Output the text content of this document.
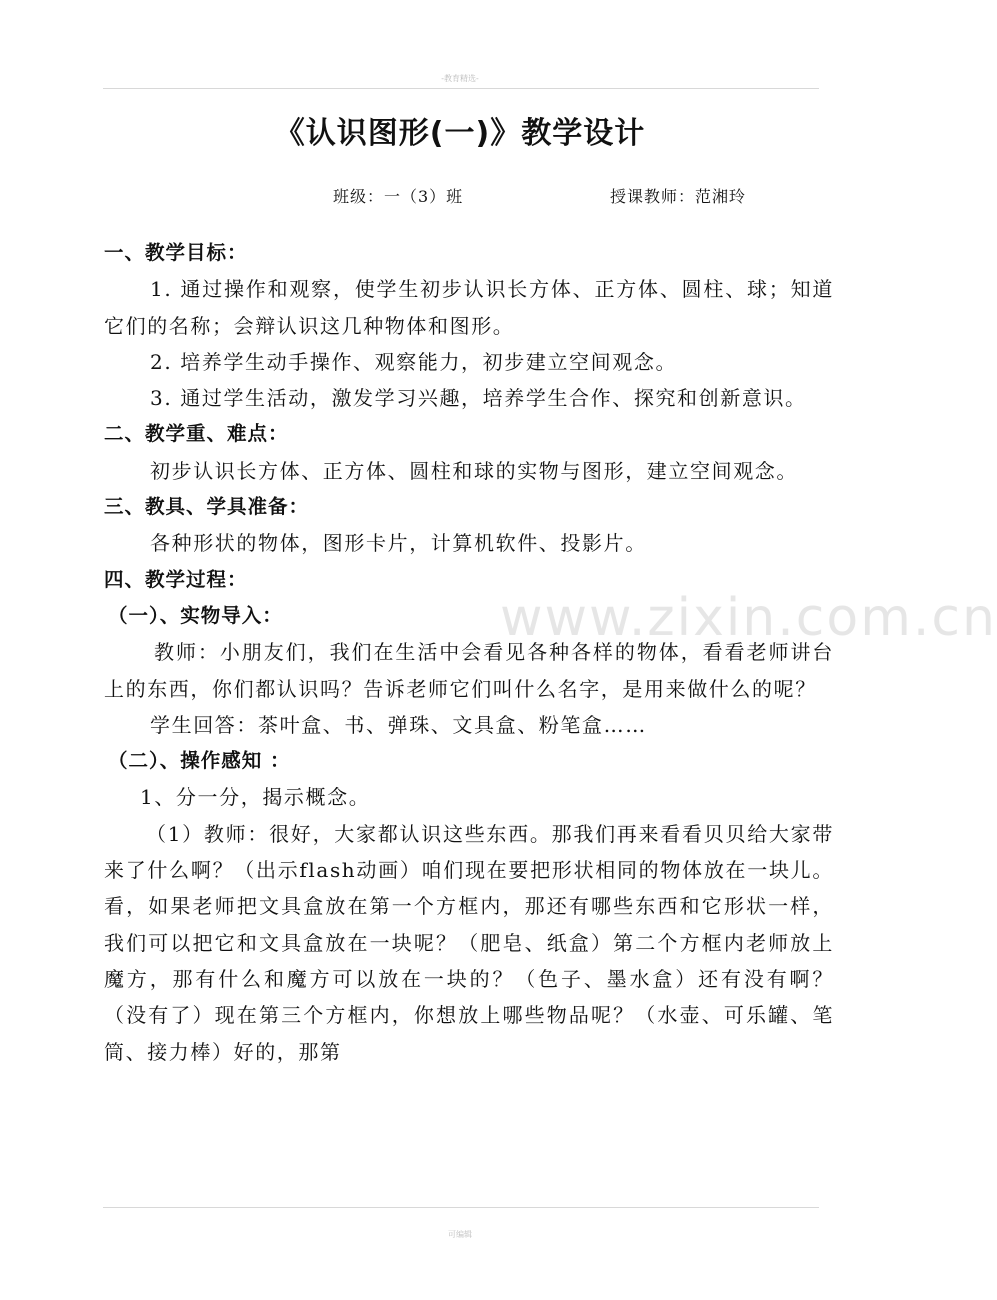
-教育精选-
《认识图形(一)》教学设计
班级：一（3）班	授课教师：范湘玲
www.zixin.com.cn

一、教学目标：

1. 通过操作和观察，使学生初步认识长方体、正方体、圆柱、球；知道它们的名称；会辩认识这几种物体和图形。

2. 培养学生动手操作、观察能力，初步建立空间观念。

3. 通过学生活动，激发学习兴趣，培养学生合作、探究和创新意识。

二、教学重、难点：

初步认识长方体、正方体、圆柱和球的实物与图形，建立空间观念。

三、教具、学具准备：

各种形状的物体，图形卡片，计算机软件、投影片。

四、教学过程：

（一）、实物导入：

教师：小朋友们，我们在生活中会看见各种各样的物体，看看老师讲台上的东西，你们都认识吗？告诉老师它们叫什么名字，是用来做什么的呢？

学生回答：茶叶盒、书、弹珠、文具盒、粉笔盒……

（二）、操作感知 ：

1、分一分，揭示概念。

（1）教师：很好，大家都认识这些东西。那我们再来看看贝贝给大家带来了什么啊？（出示flash动画）咱们现在要把形状相同的物体放在一块儿。看，如果老师把文具盒放在第一个方框内，那还有哪些东西和它形状一样，我们可以把它和文具盒放在一块呢？（肥皂、纸盒）第二个方框内老师放上魔方，那有什么和魔方可以放在一块的？（色子、墨水盒）还有没有啊？（没有了）现在第三个方框内，你想放上哪些物品呢？（水壶、可乐罐、笔筒、接力棒）好的，那第

可编辑
